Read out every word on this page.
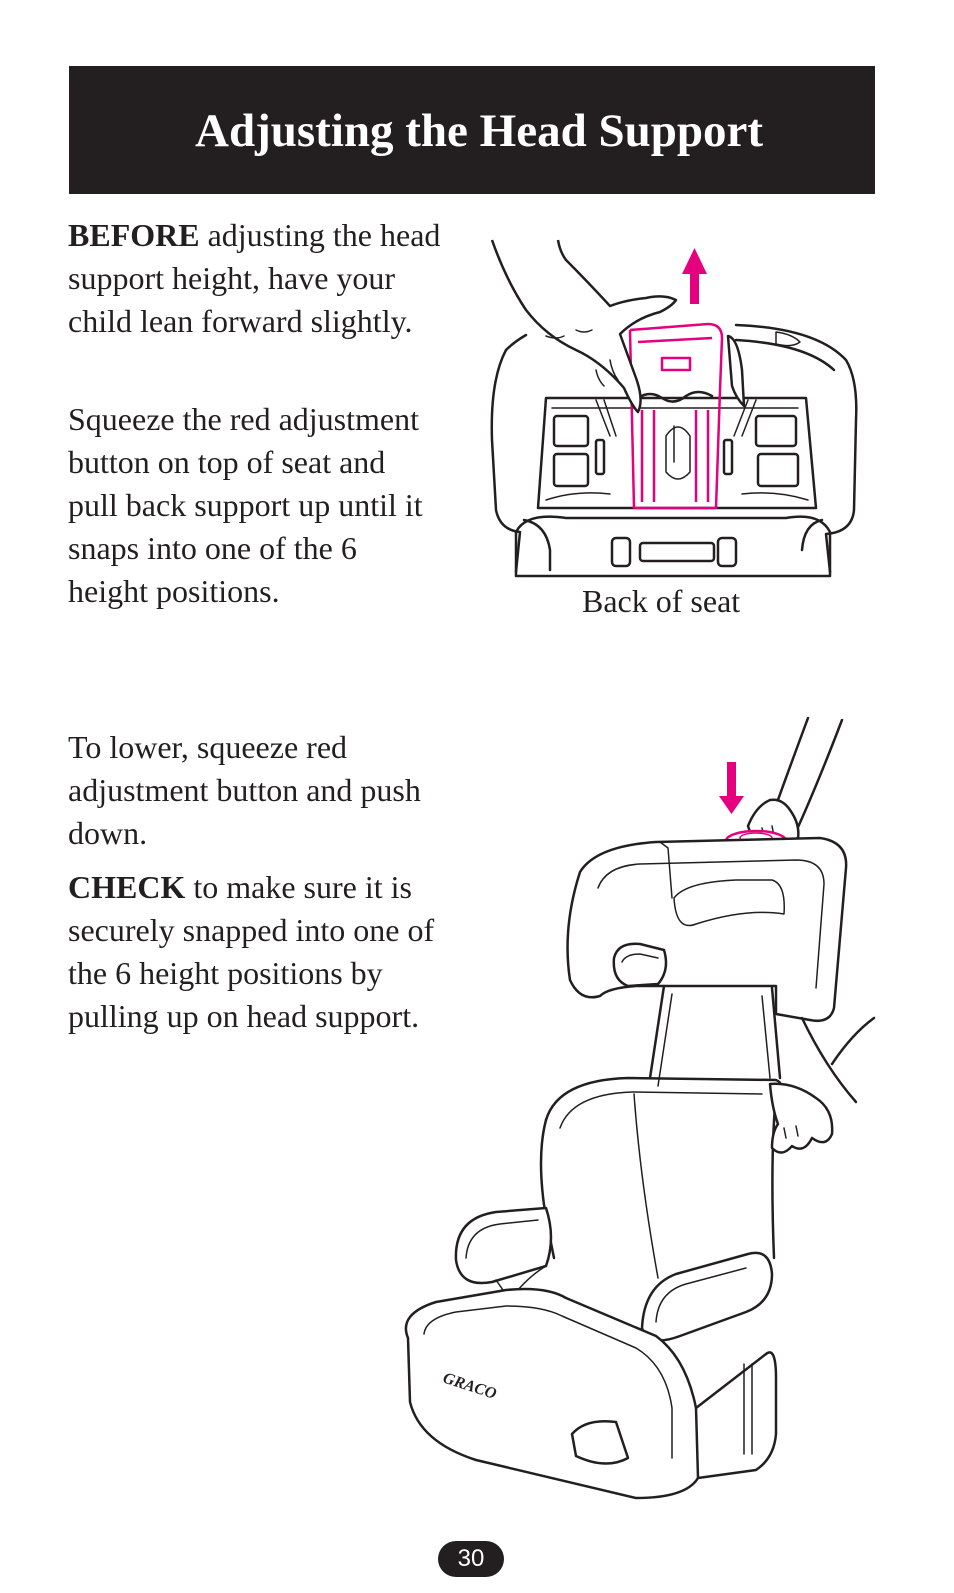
Adjusting the Head Support

BEFORE adjusting the head support height, have your child lean forward slightly.

Squeeze the red adjustment button on top of seat and pull back support up until it snaps into one of the 6 height positions.	Back of seat

To lower, squeeze red adjustment button and push down.

CHECK to make sure it is securely snapped into one of the 6 height positions by pulling up on head support.

GRACO
30
